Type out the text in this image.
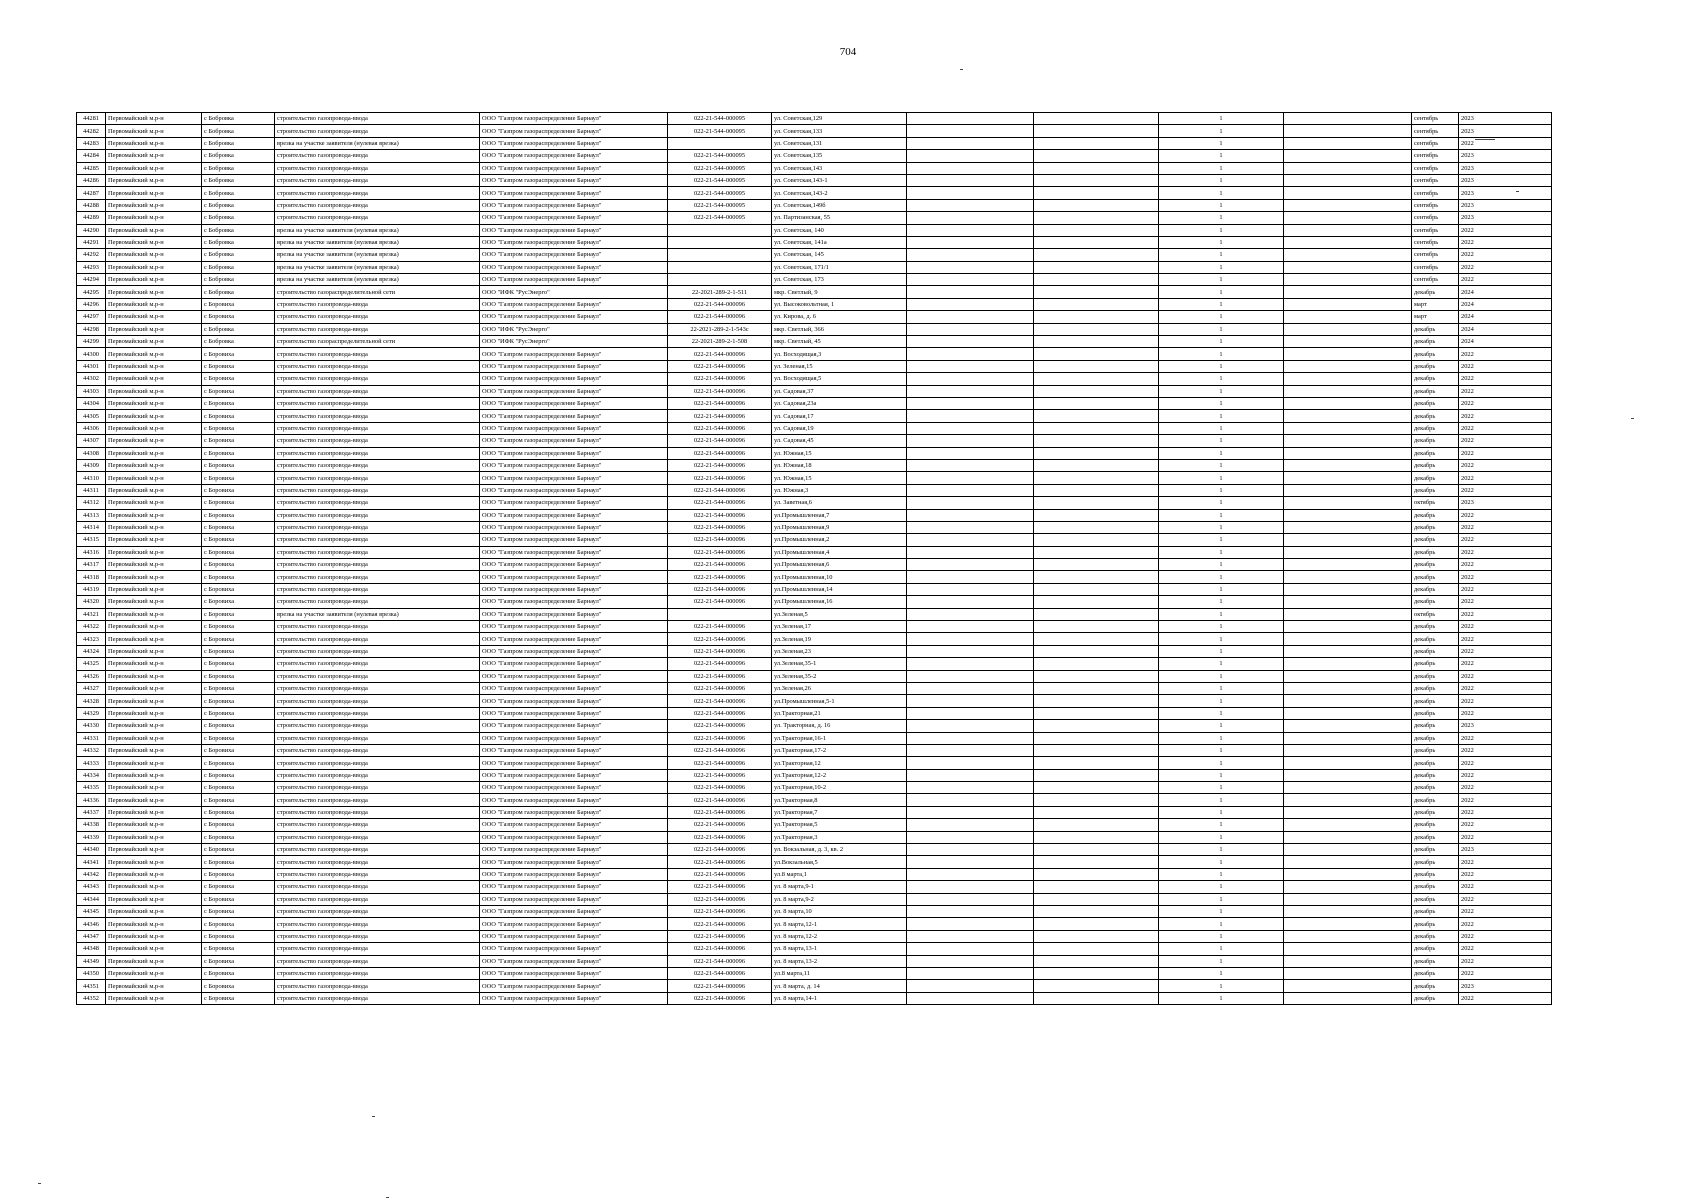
704
44281	Первомайский м.р-н	с Бобровка	строительство газопровода-ввода	ООО "Газпром газораспределение Барнаул"	022-21-544-000095	ул. Советская,129			1		сентябрь	2023
44282	Первомайский м.р-н	с Бобровка	строительство газопровода-ввода	ООО "Газпром газораспределение Барнаул"	022-21-544-000095	ул. Советская,133			1		сентябрь	2023
44283	Первомайский м.р-н	с Бобровка	врезка на участке заявителя (нулевая врезка)	ООО "Газпром газораспределение Барнаул"		ул. Советская,131			1		сентябрь	2022
44284	Первомайский м.р-н	с Бобровка	строительство газопровода-ввода	ООО "Газпром газораспределение Барнаул"	022-21-544-000095	ул. Советская,135			1		сентябрь	2023
44285	Первомайский м.р-н	с Бобровка	строительство газопровода-ввода	ООО "Газпром газораспределение Барнаул"	022-21-544-000095	ул. Советская,143			1		сентябрь	2023
44286	Первомайский м.р-н	с Бобровка	строительство газопровода-ввода	ООО "Газпром газораспределение Барнаул"	022-21-544-000095	ул. Советская,143-1			1		сентябрь	2023
44287	Первомайский м.р-н	с Бобровка	строительство газопровода-ввода	ООО "Газпром газораспределение Барнаул"	022-21-544-000095	ул. Советская,143-2			1		сентябрь	2023
44288	Первомайский м.р-н	с Бобровка	строительство газопровода-ввода	ООО "Газпром газораспределение Барнаул"	022-21-544-000095	ул. Советская,149б			1		сентябрь	2023
44289	Первомайский м.р-н	с Бобровка	строительство газопровода-ввода	ООО "Газпром газораспределение Барнаул"	022-21-544-000095	ул. Партизанская, 55			1		сентябрь	2023
44290	Первомайский м.р-н	с Бобровка	врезка на участке заявителя (нулевая врезка)	ООО "Газпром газораспределение Барнаул"		ул. Советская, 140			1		сентябрь	2022
44291	Первомайский м.р-н	с Бобровка	врезка на участке заявителя (нулевая врезка)	ООО "Газпром газораспределение Барнаул"		ул. Советская, 141а			1		сентябрь	2022
44292	Первомайский м.р-н	с Бобровка	врезка на участке заявителя (нулевая врезка)	ООО "Газпром газораспределение Барнаул"		ул. Советская, 145			1		сентябрь	2022
44293	Первомайский м.р-н	с Бобровка	врезка на участке заявителя (нулевая врезка)	ООО "Газпром газораспределение Барнаул"		ул. Советская, 171/1			1		сентябрь	2022
44294	Первомайский м.р-н	с Бобровка	врезка на участке заявителя (нулевая врезка)	ООО "Газпром газораспределение Барнаул"		ул. Советская, 173			1		сентябрь	2022
44295	Первомайский м.р-н	с Бобровка	строительство газораспределительной сети	ООО "ИФК "РусЭнерго"	22-2021-289-2-1-511	мкр. Светлый, 9			1		декабрь	2024
44296	Первомайский м.р-н	с Боровиха	строительство газопровода-ввода	ООО "Газпром газораспределение Барнаул"	022-21-544-000096	ул. Высоковольтная, 1			1		март	2024
44297	Первомайский м.р-н	с Боровиха	строительство газопровода-ввода	ООО "Газпром газораспределение Барнаул"	022-21-544-000096	ул. Кирова, д. 6			1		март	2024
44298	Первомайский м.р-н	с Бобровка	строительство газопровода-ввода	ООО "ИФК "РусЭнерго"	22-2021-289-2-1-543с	мкр. Светлый, 366			1		декабрь	2024
44299	Первомайский м.р-н	с Бобровка	строительство газораспределительной сети	ООО "ИФК "РусЭнерго"	22-2021-289-2-1-508	мкр. Светлый, 45			1		декабрь	2024
44300	Первомайский м.р-н	с Боровиха	строительство газопровода-ввода	ООО "Газпром газораспределение Барнаул"	022-21-544-000096	ул. Восходящая,3			1		декабрь	2022
44301	Первомайский м.р-н	с Боровиха	строительство газопровода-ввода	ООО "Газпром газораспределение Барнаул"	022-21-544-000096	ул. Зеленая,15			1		декабрь	2022
44302	Первомайский м.р-н	с Боровиха	строительство газопровода-ввода	ООО "Газпром газораспределение Барнаул"	022-21-544-000096	ул. Восходящая,5			1		декабрь	2022
44303	Первомайский м.р-н	с Боровиха	строительство газопровода-ввода	ООО "Газпром газораспределение Барнаул"	022-21-544-000096	ул. Садовая,37			1		декабрь	2022
44304	Первомайский м.р-н	с Боровиха	строительство газопровода-ввода	ООО "Газпром газораспределение Барнаул"	022-21-544-000096	ул. Садовая,23а			1		декабрь	2022
44305	Первомайский м.р-н	с Боровиха	строительство газопровода-ввода	ООО "Газпром газораспределение Барнаул"	022-21-544-000096	ул. Садовая,17			1		декабрь	2022
44306	Первомайский м.р-н	с Боровиха	строительство газопровода-ввода	ООО "Газпром газораспределение Барнаул"	022-21-544-000096	ул. Садовая,19			1		декабрь	2022
44307	Первомайский м.р-н	с Боровиха	строительство газопровода-ввода	ООО "Газпром газораспределение Барнаул"	022-21-544-000096	ул. Садовая,45			1		декабрь	2022
44308	Первомайский м.р-н	с Боровиха	строительство газопровода-ввода	ООО "Газпром газораспределение Барнаул"	022-21-544-000096	ул. Южная,15			1		декабрь	2022
44309	Первомайский м.р-н	с Боровиха	строительство газопровода-ввода	ООО "Газпром газораспределение Барнаул"	022-21-544-000096	ул. Южная,18			1		декабрь	2022
44310	Первомайский м.р-н	с Боровиха	строительство газопровода-ввода	ООО "Газпром газораспределение Барнаул"	022-21-544-000096	ул. Южная,15			1		декабрь	2022
44311	Первомайский м.р-н	с Боровиха	строительство газопровода-ввода	ООО "Газпром газораспределение Барнаул"	022-21-544-000096	ул. Южная,3			1		декабрь	2022
44312	Первомайский м.р-н	с Боровиха	строительство газопровода-ввода	ООО "Газпром газораспределение Барнаул"	022-21-544-000096	ул. Заветная,6			1		октябрь	2023
44313	Первомайский м.р-н	с Боровиха	строительство газопровода-ввода	ООО "Газпром газораспределение Барнаул"	022-21-544-000096	ул.Промышленная,7			1		декабрь	2022
44314	Первомайский м.р-н	с Боровиха	строительство газопровода-ввода	ООО "Газпром газораспределение Барнаул"	022-21-544-000096	ул.Промышленная,9			1		декабрь	2022
44315	Первомайский м.р-н	с Боровиха	строительство газопровода-ввода	ООО "Газпром газораспределение Барнаул"	022-21-544-000096	ул.Промышленная,2			1		декабрь	2022
44316	Первомайский м.р-н	с Боровиха	строительство газопровода-ввода	ООО "Газпром газораспределение Барнаул"	022-21-544-000096	ул.Промышленная,4			1		декабрь	2022
44317	Первомайский м.р-н	с Боровиха	строительство газопровода-ввода	ООО "Газпром газораспределение Барнаул"	022-21-544-000096	ул.Промышленная,6			1		декабрь	2022
44318	Первомайский м.р-н	с Боровиха	строительство газопровода-ввода	ООО "Газпром газораспределение Барнаул"	022-21-544-000096	ул.Промышленная,10			1		декабрь	2022
44319	Первомайский м.р-н	с Боровиха	строительство газопровода-ввода	ООО "Газпром газораспределение Барнаул"	022-21-544-000096	ул.Промышленная,14			1		декабрь	2022
44320	Первомайский м.р-н	с Боровиха	строительство газопровода-ввода	ООО "Газпром газораспределение Барнаул"	022-21-544-000096	ул.Промышленная,16			1		декабрь	2022
44321	Первомайский м.р-н	с Боровиха	врезка на участке заявителя (нулевая врезка)	ООО "Газпром газораспределение Барнаул"		ул.Зеленая,5			1		октябрь	2022
44322	Первомайский м.р-н	с Боровиха	строительство газопровода-ввода	ООО "Газпром газораспределение Барнаул"	022-21-544-000096	ул.Зеленая,17			1		декабрь	2022
44323	Первомайский м.р-н	с Боровиха	строительство газопровода-ввода	ООО "Газпром газораспределение Барнаул"	022-21-544-000096	ул.Зеленая,19			1		декабрь	2022
44324	Первомайский м.р-н	с Боровиха	строительство газопровода-ввода	ООО "Газпром газораспределение Барнаул"	022-21-544-000096	ул.Зеленая,23			1		декабрь	2022
44325	Первомайский м.р-н	с Боровиха	строительство газопровода-ввода	ООО "Газпром газораспределение Барнаул"	022-21-544-000096	ул.Зеленая,35-1			1		декабрь	2022
44326	Первомайский м.р-н	с Боровиха	строительство газопровода-ввода	ООО "Газпром газораспределение Барнаул"	022-21-544-000096	ул.Зеленая,35-2			1		декабрь	2022
44327	Первомайский м.р-н	с Боровиха	строительство газопровода-ввода	ООО "Газпром газораспределение Барнаул"	022-21-544-000096	ул.Зеленая,26			1		декабрь	2022
44328	Первомайский м.р-н	с Боровиха	строительство газопровода-ввода	ООО "Газпром газораспределение Барнаул"	022-21-544-000096	ул.Промышленная,5-1			1		декабрь	2022
44329	Первомайский м.р-н	с Боровиха	строительство газопровода-ввода	ООО "Газпром газораспределение Барнаул"	022-21-544-000096	ул.Тракторная,21			1		декабрь	2022
44330	Первомайский м.р-н	с Боровиха	строительство газопровода-ввода	ООО "Газпром газораспределение Барнаул"	022-21-544-000096	ул. Тракторная, д. 16			1		декабрь	2023
44331	Первомайский м.р-н	с Боровиха	строительство газопровода-ввода	ООО "Газпром газораспределение Барнаул"	022-21-544-000096	ул.Тракторная,16-1			1		декабрь	2022
44332	Первомайский м.р-н	с Боровиха	строительство газопровода-ввода	ООО "Газпром газораспределение Барнаул"	022-21-544-000096	ул.Тракторная,17-2			1		декабрь	2022
44333	Первомайский м.р-н	с Боровиха	строительство газопровода-ввода	ООО "Газпром газораспределение Барнаул"	022-21-544-000096	ул.Тракторная,12			1		декабрь	2022
44334	Первомайский м.р-н	с Боровиха	строительство газопровода-ввода	ООО "Газпром газораспределение Барнаул"	022-21-544-000096	ул.Тракторная,12-2			1		декабрь	2022
44335	Первомайский м.р-н	с Боровиха	строительство газопровода-ввода	ООО "Газпром газораспределение Барнаул"	022-21-544-000096	ул.Тракторная,10-2			1		декабрь	2022
44336	Первомайский м.р-н	с Боровиха	строительство газопровода-ввода	ООО "Газпром газораспределение Барнаул"	022-21-544-000096	ул.Тракторная,8			1		декабрь	2022
44337	Первомайский м.р-н	с Боровиха	строительство газопровода-ввода	ООО "Газпром газораспределение Барнаул"	022-21-544-000096	ул.Тракторная,7			1		декабрь	2022
44338	Первомайский м.р-н	с Боровиха	строительство газопровода-ввода	ООО "Газпром газораспределение Барнаул"	022-21-544-000096	ул.Тракторная,5			1		декабрь	2022
44339	Первомайский м.р-н	с Боровиха	строительство газопровода-ввода	ООО "Газпром газораспределение Барнаул"	022-21-544-000096	ул.Тракторная,3			1		декабрь	2022
44340	Первомайский м.р-н	с Боровиха	строительство газопровода-ввода	ООО "Газпром газораспределение Барнаул"	022-21-544-000096	ул. Вокзальная, д. 3, кв. 2			1		декабрь	2023
44341	Первомайский м.р-н	с Боровиха	строительство газопровода-ввода	ООО "Газпром газораспределение Барнаул"	022-21-544-000096	ул.Вокзальная,5			1		декабрь	2022
44342	Первомайский м.р-н	с Боровиха	строительство газопровода-ввода	ООО "Газпром газораспределение Барнаул"	022-21-544-000096	ул.8 марта,1			1		декабрь	2022
44343	Первомайский м.р-н	с Боровиха	строительство газопровода-ввода	ООО "Газпром газораспределение Барнаул"	022-21-544-000096	ул. 8 марта,9-1			1		декабрь	2022
44344	Первомайский м.р-н	с Боровиха	строительство газопровода-ввода	ООО "Газпром газораспределение Барнаул"	022-21-544-000096	ул. 8 марта,9-2			1		декабрь	2022
44345	Первомайский м.р-н	с Боровиха	строительство газопровода-ввода	ООО "Газпром газораспределение Барнаул"	022-21-544-000096	ул. 8 марта,10			1		декабрь	2022
44346	Первомайский м.р-н	с Боровиха	строительство газопровода-ввода	ООО "Газпром газораспределение Барнаул"	022-21-544-000096	ул. 8 марта,12-1			1		декабрь	2022
44347	Первомайский м.р-н	с Боровиха	строительство газопровода-ввода	ООО "Газпром газораспределение Барнаул"	022-21-544-000096	ул. 8 марта,12-2			1		декабрь	2022
44348	Первомайский м.р-н	с Боровиха	строительство газопровода-ввода	ООО "Газпром газораспределение Барнаул"	022-21-544-000096	ул. 8 марта,13-1			1		декабрь	2022
44349	Первомайский м.р-н	с Боровиха	строительство газопровода-ввода	ООО "Газпром газораспределение Барнаул"	022-21-544-000096	ул. 8 марта,13-2			1		декабрь	2022
44350	Первомайский м.р-н	с Боровиха	строительство газопровода-ввода	ООО "Газпром газораспределение Барнаул"	022-21-544-000096	ул.8 марта,11			1		декабрь	2022
44351	Первомайский м.р-н	с Боровиха	строительство газопровода-ввода	ООО "Газпром газораспределение Барнаул"	022-21-544-000096	ул. 8 марта, д. 14			1		декабрь	2023
44352	Первомайский м.р-н	с Боровиха	строительство газопровода-ввода	ООО "Газпром газораспределение Барнаул"	022-21-544-000096	ул. 8 марта,14-1			1		декабрь	2022
